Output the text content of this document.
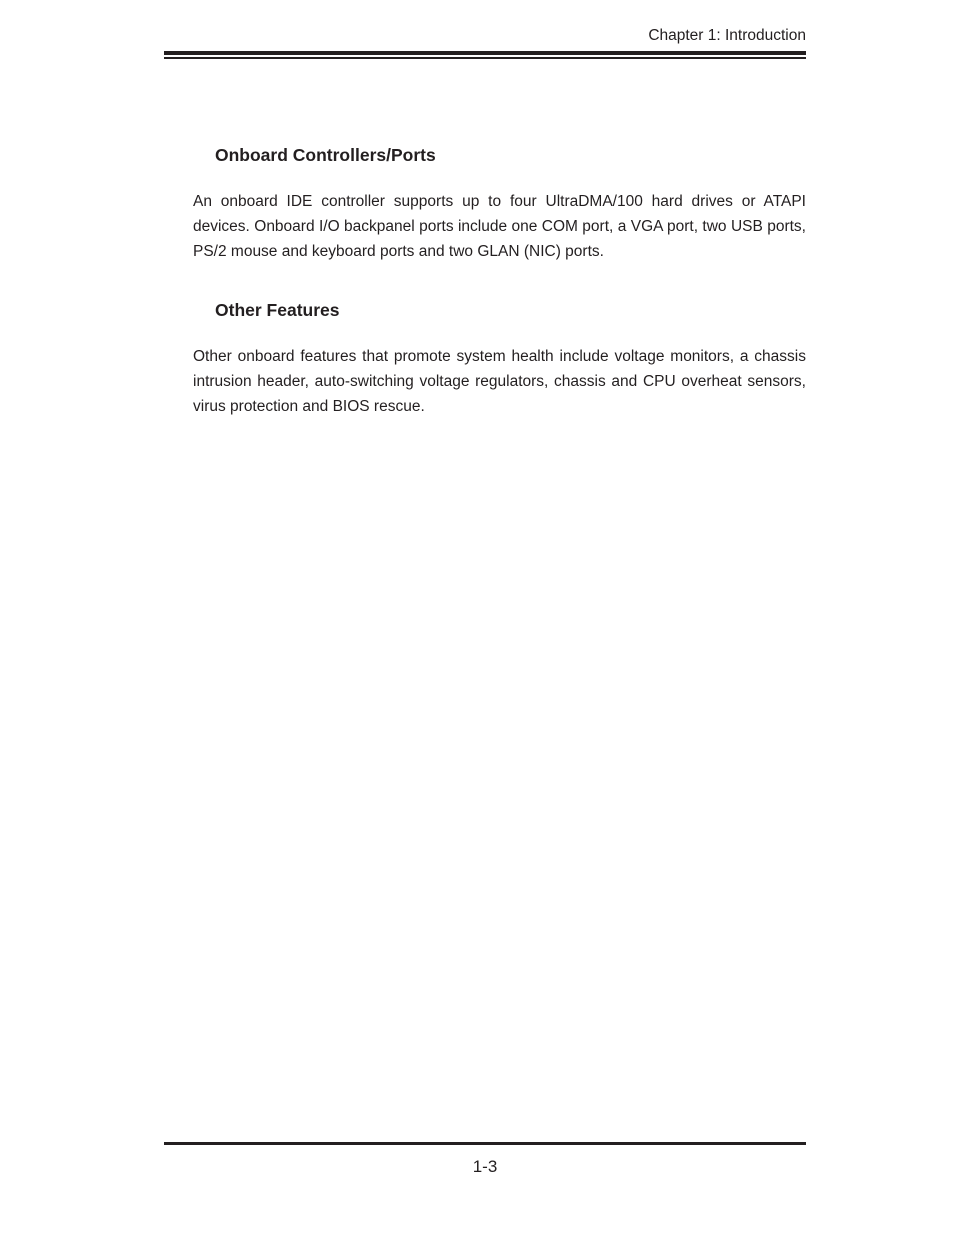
Chapter 1: Introduction
Onboard Controllers/Ports

An onboard IDE controller supports up to four UltraDMA/100 hard drives or ATAPI devices. Onboard I/O backpanel ports include one COM port, a VGA port, two USB ports, PS/2 mouse and keyboard ports and two GLAN (NIC) ports.

Other Features

Other onboard features that promote system health include voltage monitors, a chassis intrusion header, auto-switching voltage regulators, chassis and CPU overheat sensors, virus protection and BIOS rescue.

1-3
